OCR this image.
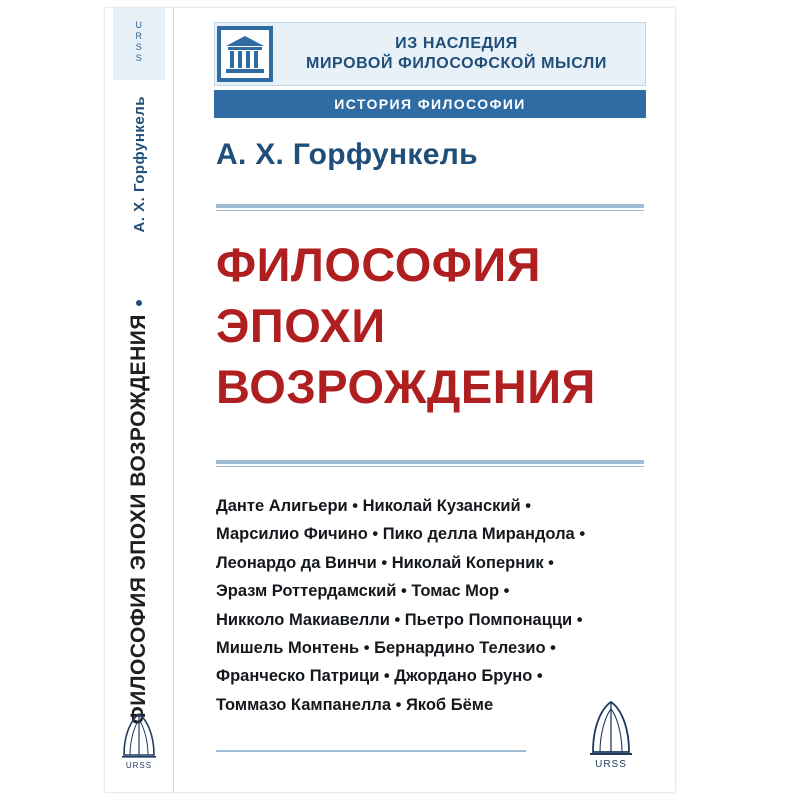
U
R
S
S
А. Х. Горфункель
ФИЛОСОФИЯ ЭПОХИ ВОЗРОЖДЕНИЯ
URSS
ИЗ НАСЛЕДИЯ
МИРОВОЙ ФИЛОСОФСКОЙ МЫСЛИ
ИСТОРИЯ ФИЛОСОФИИ
А. Х. Горфункель
ФИЛОСОФИЯ
ЭПОХИ
ВОЗРОЖДЕНИЯ
Данте Алигьери • Николай Кузанский •
Марсилио Фичино • Пико делла Мирандола •
Леонардо да Винчи • Николай Коперник •
Эразм Роттердамский • Томас Мор •
Никколо Макиавелли • Пьетро Помпонацци •
Мишель Монтень • Бернардино Телезио •
Франческо Патрици • Джордано Бруно •
Томмазо Кампанелла • Якоб Бёме
URSS
